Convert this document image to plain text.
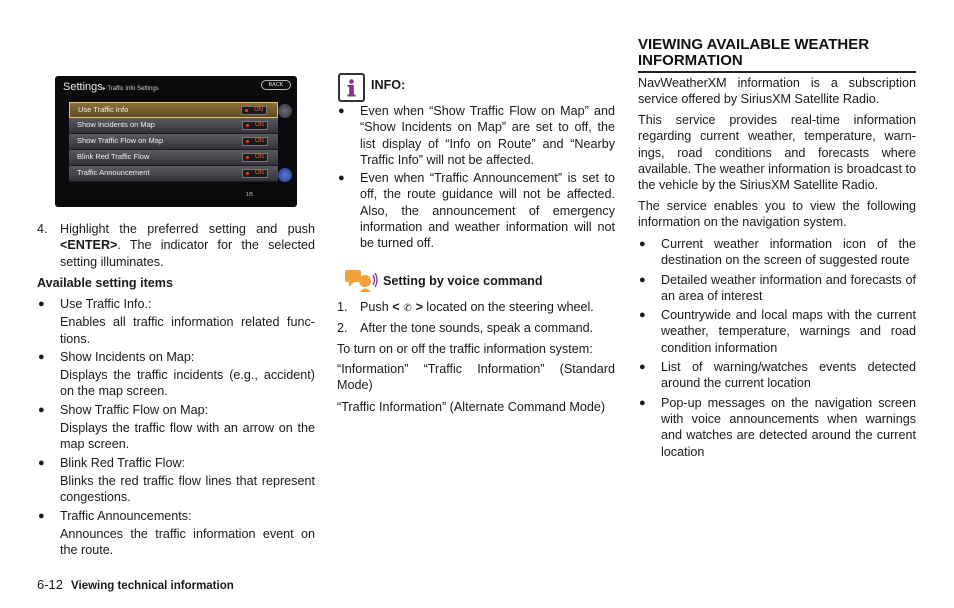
Settings▸ Traffic Info Settings
BACK
Use Traffic Info	ON
Show Incidents on Map	ON
Show Traffic Flow on Map	ON
Blink Red Traffic Flow	ON
Traffic Announcement	ON
1/5
4. Highlight the preferred setting and push <ENTER>. The indicator for the selected setting illuminates.

Available setting items
● Use Traffic Info.:

Enables all traffic information related func- tions.

● Show Incidents on Map:

Displays the traffic incidents (e.g., accident) on the map screen.

● Show Traffic Flow on Map:

Displays the traffic flow with an arrow on the map screen.

● Blink Red Traffic Flow:

Blinks the red traffic flow lines that represent congestions.

● Traffic Announcements:

Announces the traffic information event on the route.

INFO:
● Even when “Show Traffic Flow on Map” and “Show Incidents on Map” are set to off, the list display of “Info on Route” and “Nearby Traffic Info” will not be affected.
● Even when “Traffic Announcement” is set to off, the route guidance will not be affected. Also, the announcement of emergency information and weather information will not be turned off.
Setting by voice command
1. Push < ✆ > located on the steering wheel.

2. After the tone sounds, speak a command.

To turn on or off the traffic information system:

“Information” “Traffic Information” (Standard Mode)

“Traffic Information” (Alternate Command Mode)

VIEWING AVAILABLE WEATHER INFORMATION

NavWeatherXM information is a subscription service offered by SiriusXM Satellite Radio.

This service provides real-time information regarding current weather, temperature, warn- ings, road conditions and forecasts where available. The weather information is broadcast to the vehicle by the SiriusXM Satellite Radio.

The service enables you to view the following information on the navigation system.

● Current weather information icon of the destination on the screen of suggested route
● Detailed weather information and forecasts of an area of interest
● Countrywide and local maps with the current weather, temperature, warnings and road condition information
● List of warning/watches events detected around the current location
● Pop-up messages on the navigation screen with voice announcements when warnings and watches are detected around the current location
6-12 Viewing technical information
